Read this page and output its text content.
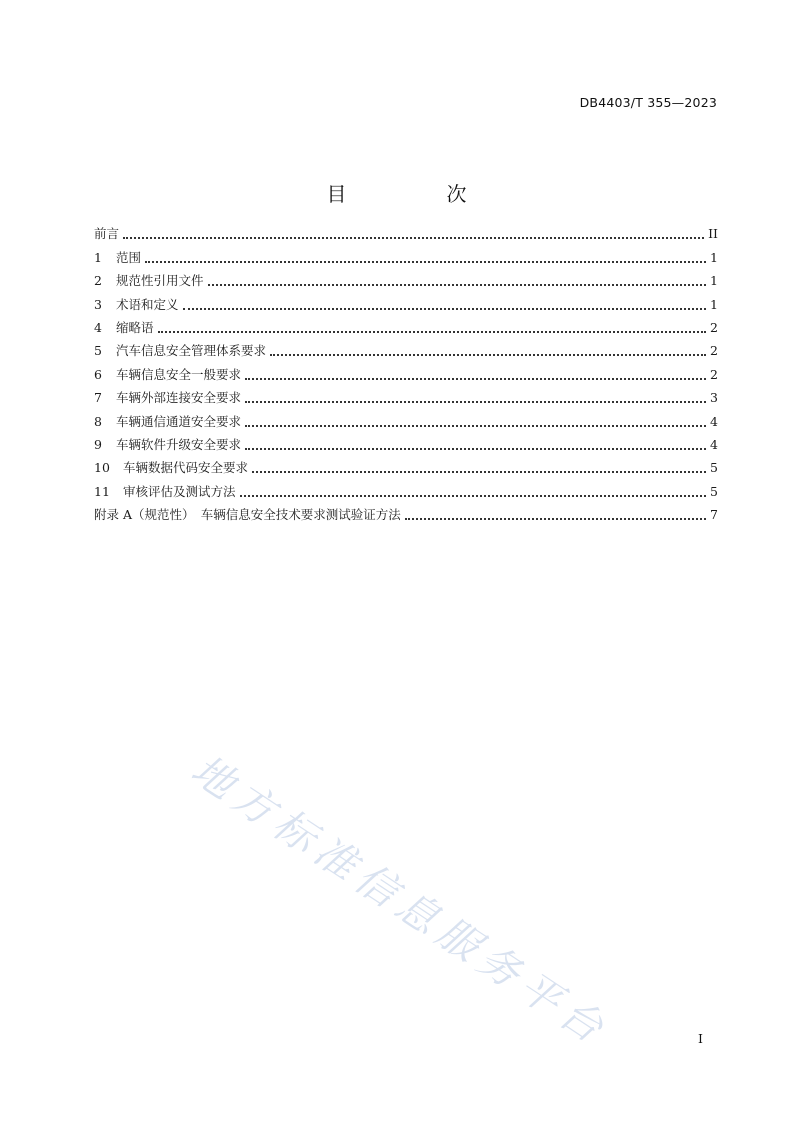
DB4403/T 355—2023
目　次
前言	II
1	范围	1
2	规范性引用文件	1
3	术语和定义	1
4	缩略语	2
5	汽车信息安全管理体系要求	2
6	车辆信息安全一般要求	2
7	车辆外部连接安全要求	3
8	车辆通信通道安全要求	4
9	车辆软件升级安全要求	4
10	车辆数据代码安全要求	5
11	审核评估及测试方法	5
附录 A（规范性）　车辆信息安全技术要求测试验证方法	7
地方标准信息服务平台	I
